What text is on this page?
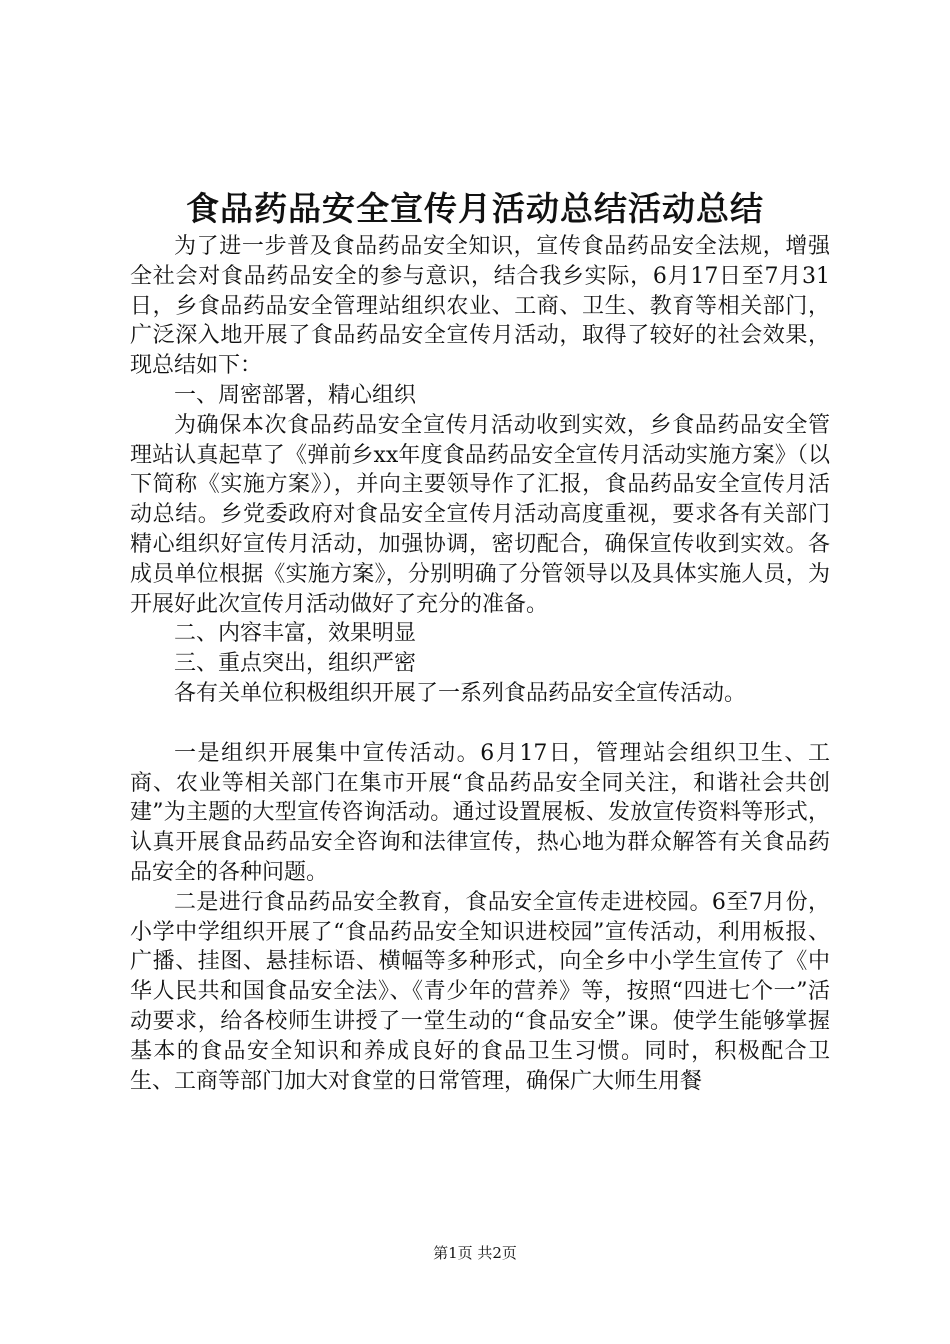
食品药品安全宣传月活动总结活动总结

为了进一步普及食品药品安全知识，宣传食品药品安全法规，增强全社会对食品药品安全的参与意识，结合我乡实际，6月17日至7月31日，乡食品药品安全管理站组织农业、工商、卫生、教育等相关部门，广泛深入地开展了食品药品安全宣传月活动，取得了较好的社会效果，现总结如下：

一、周密部署，精心组织

为确保本次食品药品安全宣传月活动收到实效，乡食品药品安全管理站认真起草了《弹前乡xx年度食品药品安全宣传月活动实施方案》（以下简称《实施方案》），并向主要领导作了汇报，食品药品安全宣传月活动总结。乡党委政府对食品安全宣传月活动高度重视，要求各有关部门精心组织好宣传月活动，加强协调，密切配合，确保宣传收到实效。各成员单位根据《实施方案》，分别明确了分管领导以及具体实施人员，为开展好此次宣传月活动做好了充分的准备。

二、内容丰富，效果明显

三、重点突出，组织严密

各有关单位积极组织开展了一系列食品药品安全宣传活动。

一是组织开展集中宣传活动。6月17日，管理站会组织卫生、工商、农业等相关部门在集市开展“食品药品安全同关注，和谐社会共创建”为主题的大型宣传咨询活动。通过设置展板、发放宣传资料等形式，认真开展食品药品安全咨询和法律宣传，热心地为群众解答有关食品药品安全的各种问题。

二是进行食品药品安全教育，食品安全宣传走进校园。6至7月份，小学中学组织开展了“食品药品安全知识进校园”宣传活动，利用板报、广播、挂图、悬挂标语、横幅等多种形式，向全乡中小学生宣传了《中华人民共和国食品安全法》、《青少年的营养》等，按照“四进七个一”活动要求，给各校师生讲授了一堂生动的“食品安全”课。使学生能够掌握基本的食品安全知识和养成良好的食品卫生习惯。同时，积极配合卫生、工商等部门加大对食堂的日常管理，确保广大师生用餐

第1页 共2页
